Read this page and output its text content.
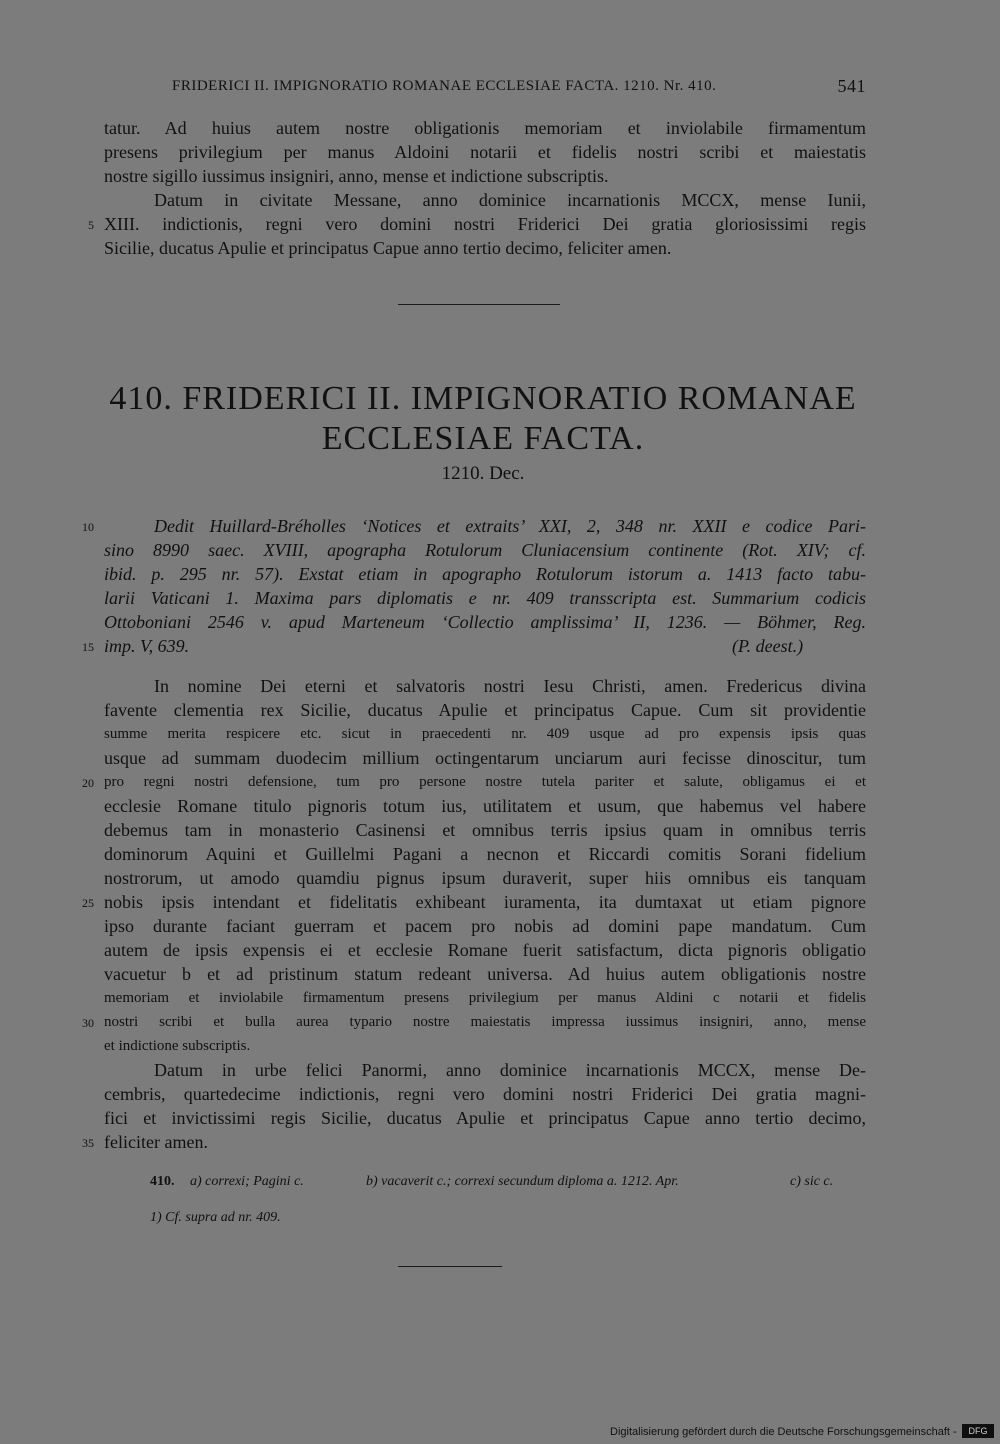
FRIDERICI II. IMPIGNORATIO ROMANAE ECCLESIAE FACTA. 1210. Nr. 410.	541
tatur. Ad huius autem nostre obligationis memoriam et inviolabile firmamentum
presens privilegium per manus Aldoini notarii et fidelis nostri scribi et maiestatis
nostre sigillo iussimus insigniri, anno, mense et indictione subscriptis.
Datum in civitate Messane, anno dominice incarnationis MCCX, mense Iunii,
5 XIII. indictionis, regni vero domini nostri Friderici Dei gratia gloriosissimi regis
Sicilie, ducatus Apulie et principatus Capue anno tertio decimo, feliciter amen.
410. FRIDERICI II. IMPIGNORATIO ROMANAE
ECCLESIAE FACTA.
1210. Dec.
10	Dedit Huillard-Bréholles ‘Notices et extraits’ XXI, 2, 348 nr. XXII e codice Pari-
sino 8990 saec. XVIII, apographa Rotulorum Cluniacensium continente (Rot. XIV; cf.
ibid. p. 295 nr. 57). Exstat etiam in apographo Rotulorum istorum a. 1413 facto tabu-
larii Vaticani 1. Maxima pars diplomatis e nr. 409 transscripta est. Summarium codicis
Ottoboniani 2546 v. apud Marteneum ‘Collectio amplissima’ II, 1236. — Böhmer, Reg.
15 imp. V, 639.	(P. deest.)
In nomine Dei eterni et salvatoris nostri Iesu Christi, amen. Fredericus divina
favente clementia rex Sicilie, ducatus Apulie et principatus Capue. Cum sit providentie
summe merita respicere etc. sicut in praecedenti nr. 409 usque ad pro expensis ipsis quas
usque ad summam duodecim millium octingentarum unciarum auri fecisse dinoscitur, tum
20 pro regni nostri defensione, tum pro persone nostre tutela pariter et salute, obligamus ei et
ecclesie Romane titulo pignoris totum ius, utilitatem et usum, que habemus vel habere
debemus tam in monasterio Casinensi et omnibus terris ipsius quam in omnibus terris
dominorum Aquini et Guillelmi Pagani a necnon et Riccardi comitis Sorani fidelium
nostrorum, ut amodo quamdiu pignus ipsum duraverit, super hiis omnibus eis tanquam
25 nobis ipsis intendant et fidelitatis exhibeant iuramenta, ita dumtaxat ut etiam pignore
ipso durante faciant guerram et pacem pro nobis ad domini pape mandatum. Cum
autem de ipsis expensis ei et ecclesie Romane fuerit satisfactum, dicta pignoris obligatio
vacuetur b et ad pristinum statum redeant universa. Ad huius autem obligationis nostre
memoriam et inviolabile firmamentum presens privilegium per manus Aldini c notarii et fidelis
30 nostri scribi et bulla aurea typario nostre maiestatis impressa iussimus insigniri, anno, mense
et indictione subscriptis.
Datum in urbe felici Panormi, anno dominice incarnationis MCCX, mense De-
cembris, quartedecime indictionis, regni vero domini nostri Friderici Dei gratia magni-
fici et invictissimi regis Sicilie, ducatus Apulie et principatus Capue anno tertio decimo,
35 feliciter amen.
410. a) correxi; Pagini c.	b) vacaverit c.; correxi secundum diploma a. 1212. Apr.	c) sic c.
1) Cf. supra ad nr. 409.
Digitalisierung gefördert durch die Deutsche Forschungsgemeinschaft -	DFG
